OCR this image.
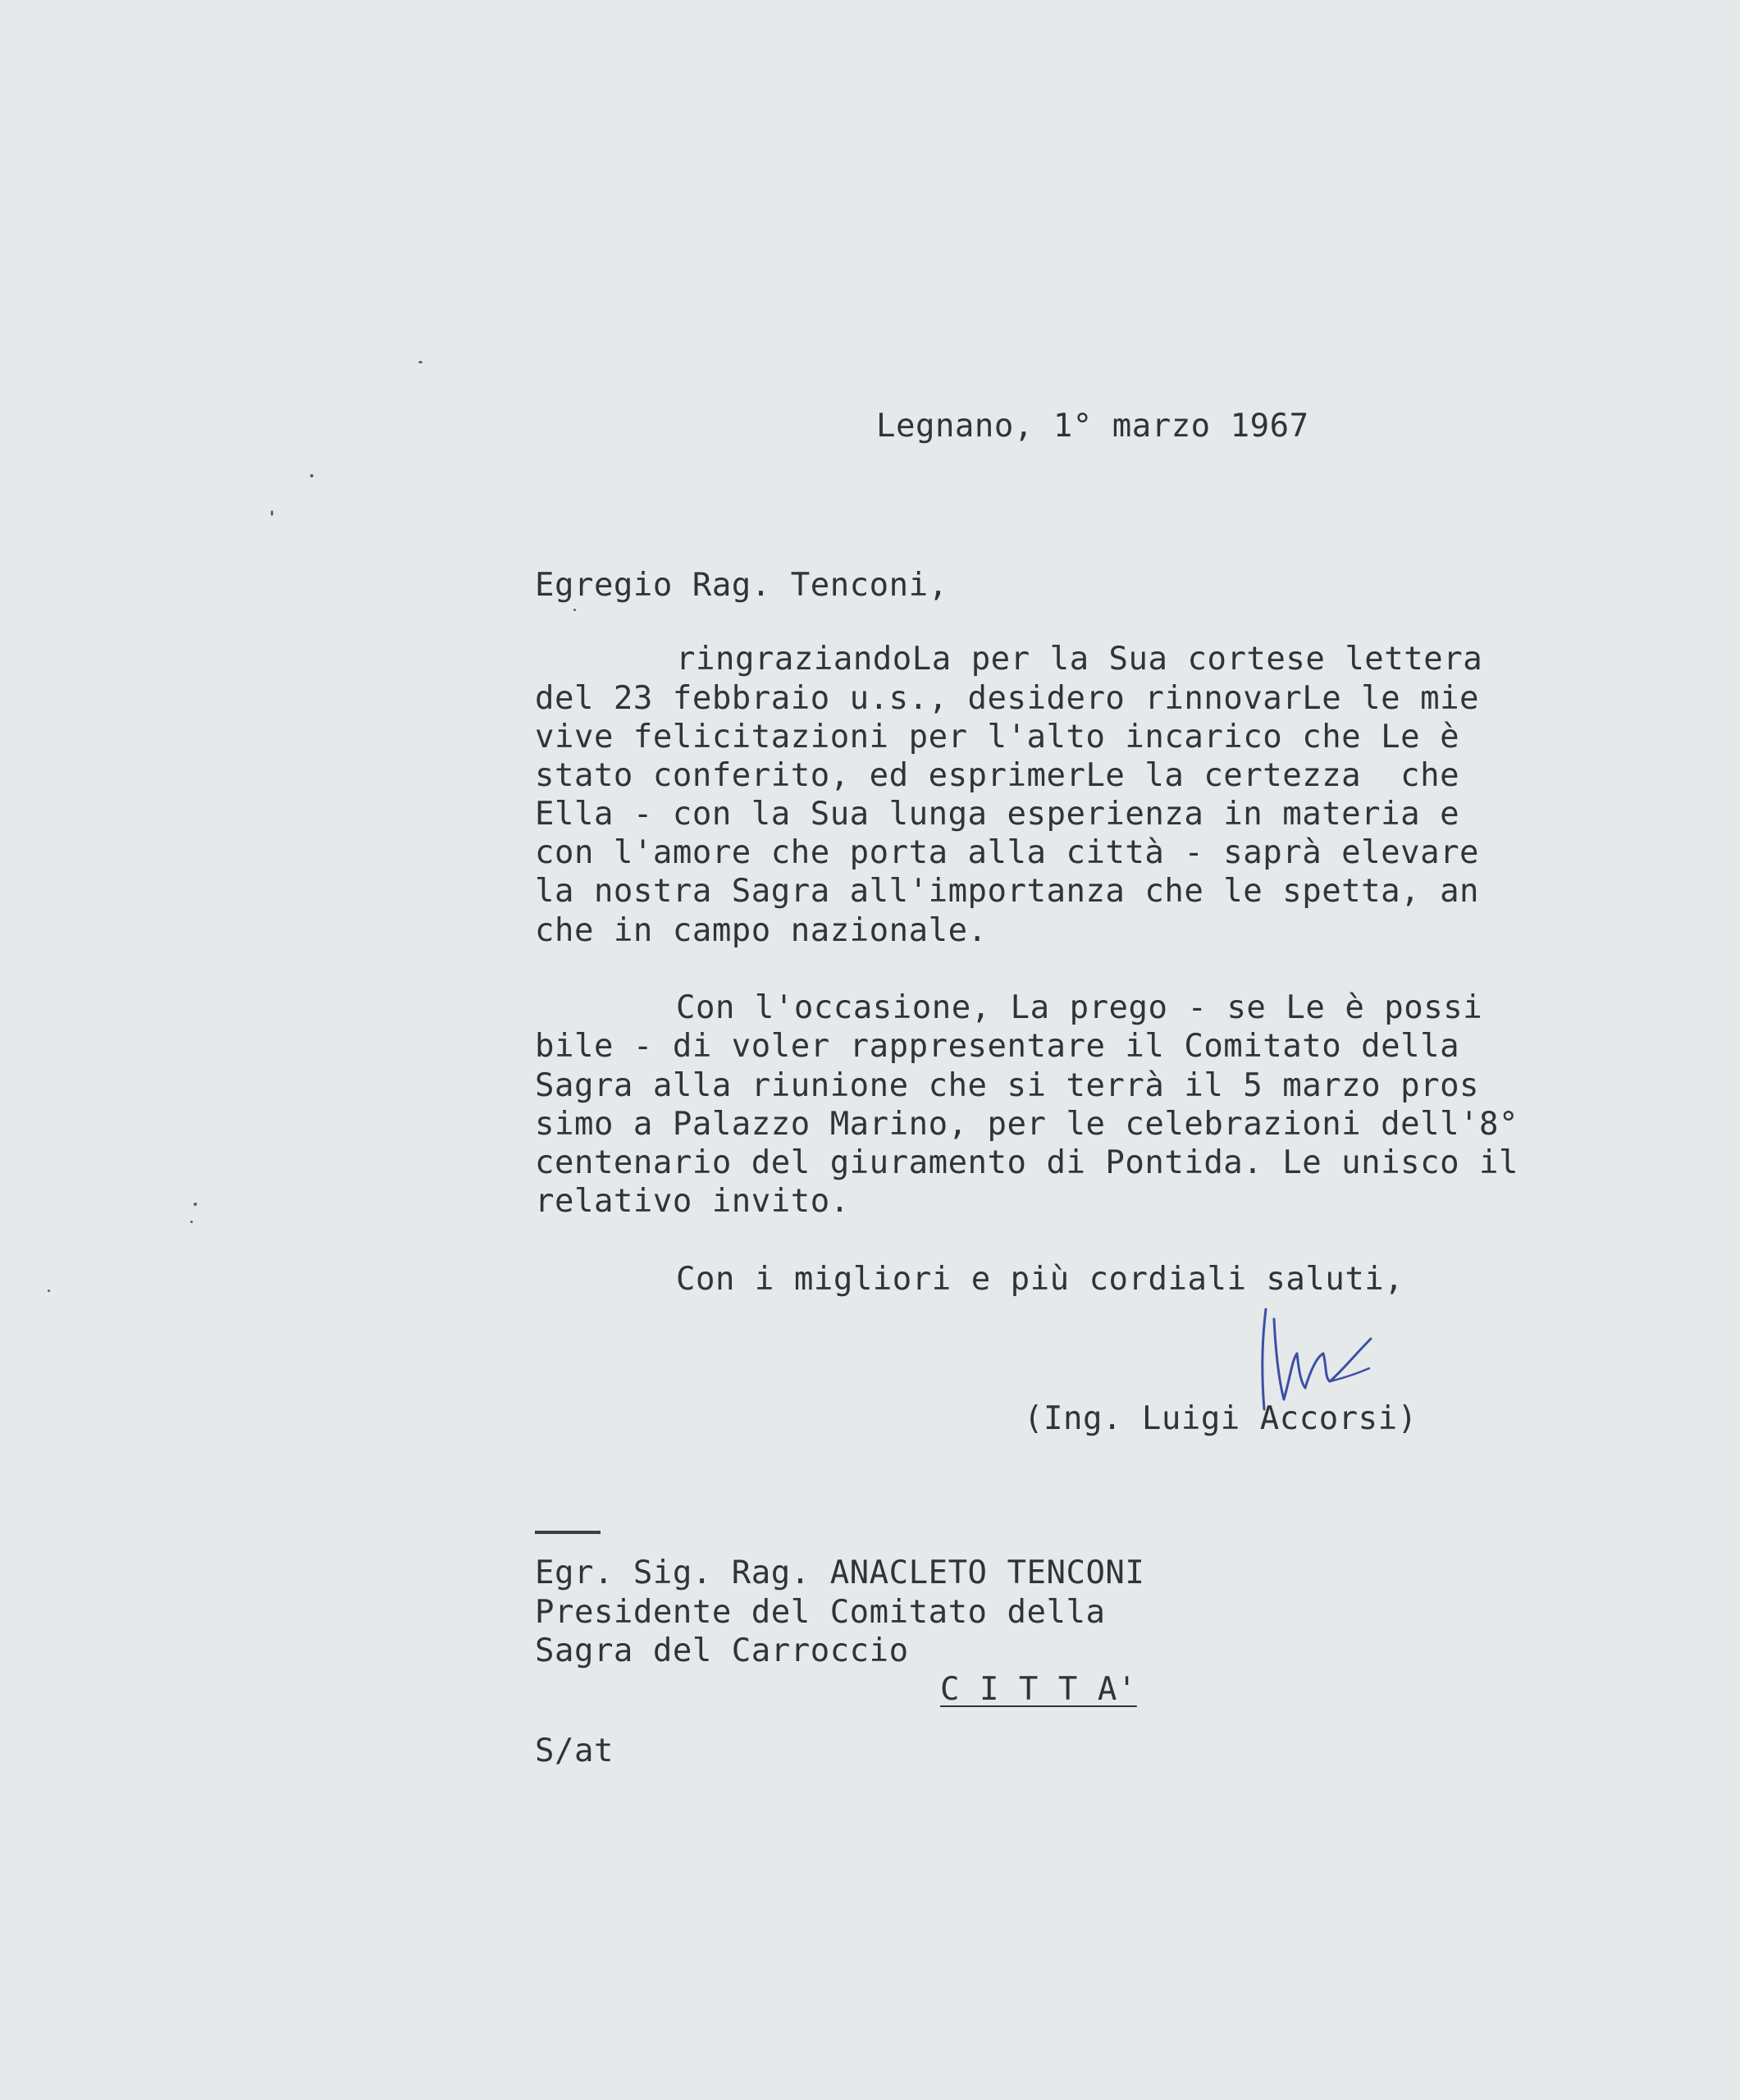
Legnano, 1° marzo 1967
Egregio Rag. Tenconi,
ringraziandoLa per la Sua cortese lettera
del 23 febbraio u.s., desidero rinnovarLe le mie
vive felicitazioni per l'alto incarico che Le è
stato conferito, ed esprimerLe la certezza  che
Ella - con la Sua lunga esperienza in materia e
con l'amore che porta alla città - saprà elevare
la nostra Sagra all'importanza che le spetta, an
che in campo nazionale.
Con l'occasione, La prego - se Le è possi
bile - di voler rappresentare il Comitato della
Sagra alla riunione che si terrà il 5 marzo pros
simo a Palazzo Marino, per le celebrazioni dell'8°
centenario del giuramento di Pontida. Le unisco il
relativo invito.
Con i migliori e più cordiali saluti,
(Ing. Luigi Accorsi)
Egr. Sig. Rag. ANACLETO TENCONI
Presidente del Comitato della
Sagra del Carroccio
C I T T A'
S/at
